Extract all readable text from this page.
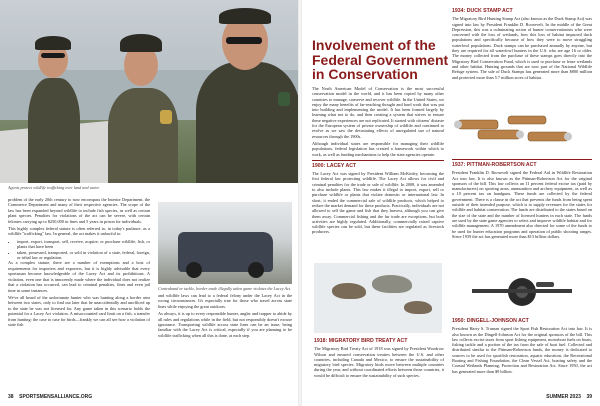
Agents protect wildlife trafficking over land and water.

problem of the early 20th century to now encompass the Interior Department, the Commerce Department and many of their respective agencies. The scope of the law has been expanded beyond wildlife to include fish species, as well as certain plant species. Penalties for violations of the act can be severe, with certain felonies carrying up to $250,000 in fines and 5 years in prison for individuals.

This highly complex federal statute is often referred to, in today's parlance, as a wildlife "trafficking" law. In general, the act makes it unlawful to:

• import, export, transport, sell, receive, acquire, or purchase wildlife, fish, or plants that have been
• taken, possessed, transported, or sold in violation of a state, federal, foreign, or tribal law or regulation.

As a complex statute, there are a number of exemptions and a host of requirements for importers and exporters, but it is highly advisable that every sportsman become knowledgeable of the Lacey Act and its prohibitions. A violation, even one that is innocently made where the individual does not realize that a violation has occurred, can lead to criminal penalties, fines and even jail time in some instances.

We've all heard of the unfortunate hunter who was hunting along a border area between two states, only to find out later that he unaccidentally and unofficed up to the state he was not licensed for. Any game taken in this scenario holds the potential for a Lacey Act violation. A misaccounted card limit on a fish, a transfer from hunting: the case to case for birds—frankly we can all see how a violation of state fish

Contraband or tackle, border trade illegally taken game violates the Lacey Act.

and wildlife laws can lead to a federal felony under the Lacey Act in the wrong circumstances. It's especially true for those who travel across state lines while enjoying the great outdoors.

As always, it is up to every responsible hunter, angler and trapper to abide by all rules and regulations while in the field, but not responsibly doesn't excuse ignorance. Transporting wildlife across state lines can be an issue; being familiar with the Lacey Act is critical, especially if you are planning to be wildlife trafficking when all this is done, at each step.

38 SPORTSMENSALLIANCE.ORG
Involvement of the Federal Government in Conservation

The North American Model of Conservation is the most successful conservation model in the world, and it has been copied by many other countries to manage, conserve and recover wildlife. In the United States, we enjoy the many benefits of far-reaching thought and hard work that was put into building and implementing the model. It has been formed largely by learning what not to do, and then creating a system that strives to ensure these negative experiences are not replicated. It started with citizens' distaste for the European system of private ownership of wildlife and continued to evolve as we saw the devastating effects of unregulated use of natural resources through the 1900s.

Although individual states are responsible for managing their wildlife populations, federal legislation has created a framework within which to work, as well as funding mechanisms to help the state agencies operate.

1900: LACEY ACT

The Lacey Act was signed by President William McKinley, becoming the first federal law protecting wildlife. The Lacey Act allows for civil and criminal penalties for the trade or sale of wildlife. In 2008, it was amended to also include plants. This law makes it illegal to import, export, sell or purchase wildlife or plants that violate domestic or international law. In short, it ended the commercial sale of wildlife products, which helped to reduce the market demand for these products. Practically, individuals are not allowed to sell the game and fish that they harvest, although you can give them away. Commercial fishing and the fur trade are exceptions, but both activities are highly regulated. Additionally, commercially raised captive wildlife species can be sold, but these facilities are regulated as livestock producers.

1918: MIGRATORY BIRD TREATY ACT

The Migratory Bird Treaty Act of 1918 was signed by President Woodrow Wilson and ensured conservation treaties between the U.S. and other countries, including Canada and Mexico, to ensure the sustainability of migratory bird species. Migratory birds move between multiple countries during the year, and without coordinated efforts between those countries, it would be difficult to ensure the sustainability of such species.

1934: DUCK STAMP ACT

The Migratory Bird Hunting Stamp Act (also known as the Duck Stamp Act) was signed into law by President Franklin D. Roosevelt. In the middle of the Great Depression, this was a culminating action of hunter conservationists who were concerned with the loss of wetlands, how this loss of habitat impacted duck populations and specifically because of how they were to move struggling waterfowl populations. Duck stamps can be purchased annually by anyone, but they are required for all waterfowl hunters in the U.S. who are age 16 or older. The money collected from the purchase of these stamps goes directly into the Migratory Bird Conservation Fund, which is used to purchase or lease wetlands and other habitat. Hunting grounds that are now part of the National Wildlife Refuge system. The sale of Duck Stamps has generated more than $800 million and protected more than 5.7 million acres of habitat.

1937: PITTMAN-ROBERTSON ACT

President Franklin D. Roosevelt signed the Federal Aid in Wildlife Restoration Act into law. It is also known as the Pittman-Robertson Act for the original sponsors of the bill. This law collects an 11 percent federal excise tax (paid by manufacturers) on sporting arms, ammunition and archery equipment, as well as a 10 percent tax on handguns. These funds are collected by the federal government. There is a clause in the act that prevents the funds from being spent outside of their intended purpose, which is to supply revenues for the states for wildlife and habitat conservation. The funds are distributed to the states based on the size of the state and the number of licensed hunters in each state. The funds are used by the state game agencies to select and improve wildlife habitat and for wildlife management. A 1970 amendment also directed for some of the funds to be used for hunter education programs and operation of public shooting ranges. Since 1939 the act has generated more than $15 billion dollars.

1950: DINGELL-JOHNSON ACT

President Harry S. Truman signed the Sport Fish Restoration Act into law. It is also known as the Dingell-Johnson Act for the original sponsors of the bill. This law collects excise taxes from sport fishing equipment, motorboat fuels on boats, fishing tackle and a portion of the tax from the sale of boat fuel. Collected and distributed similar to the Pittman-Robertson funds, the money is dedicated to sources to be used for sportfish restoration, aquatic education, the Recreational Boating and Fishing Foundation, the Clean Vessel Act, boating safety and the Coastal Wetlands Planning, Protection and Restoration Act. Since 1950, the act has generated more than $9 billion.

SUMMER 2023 39
